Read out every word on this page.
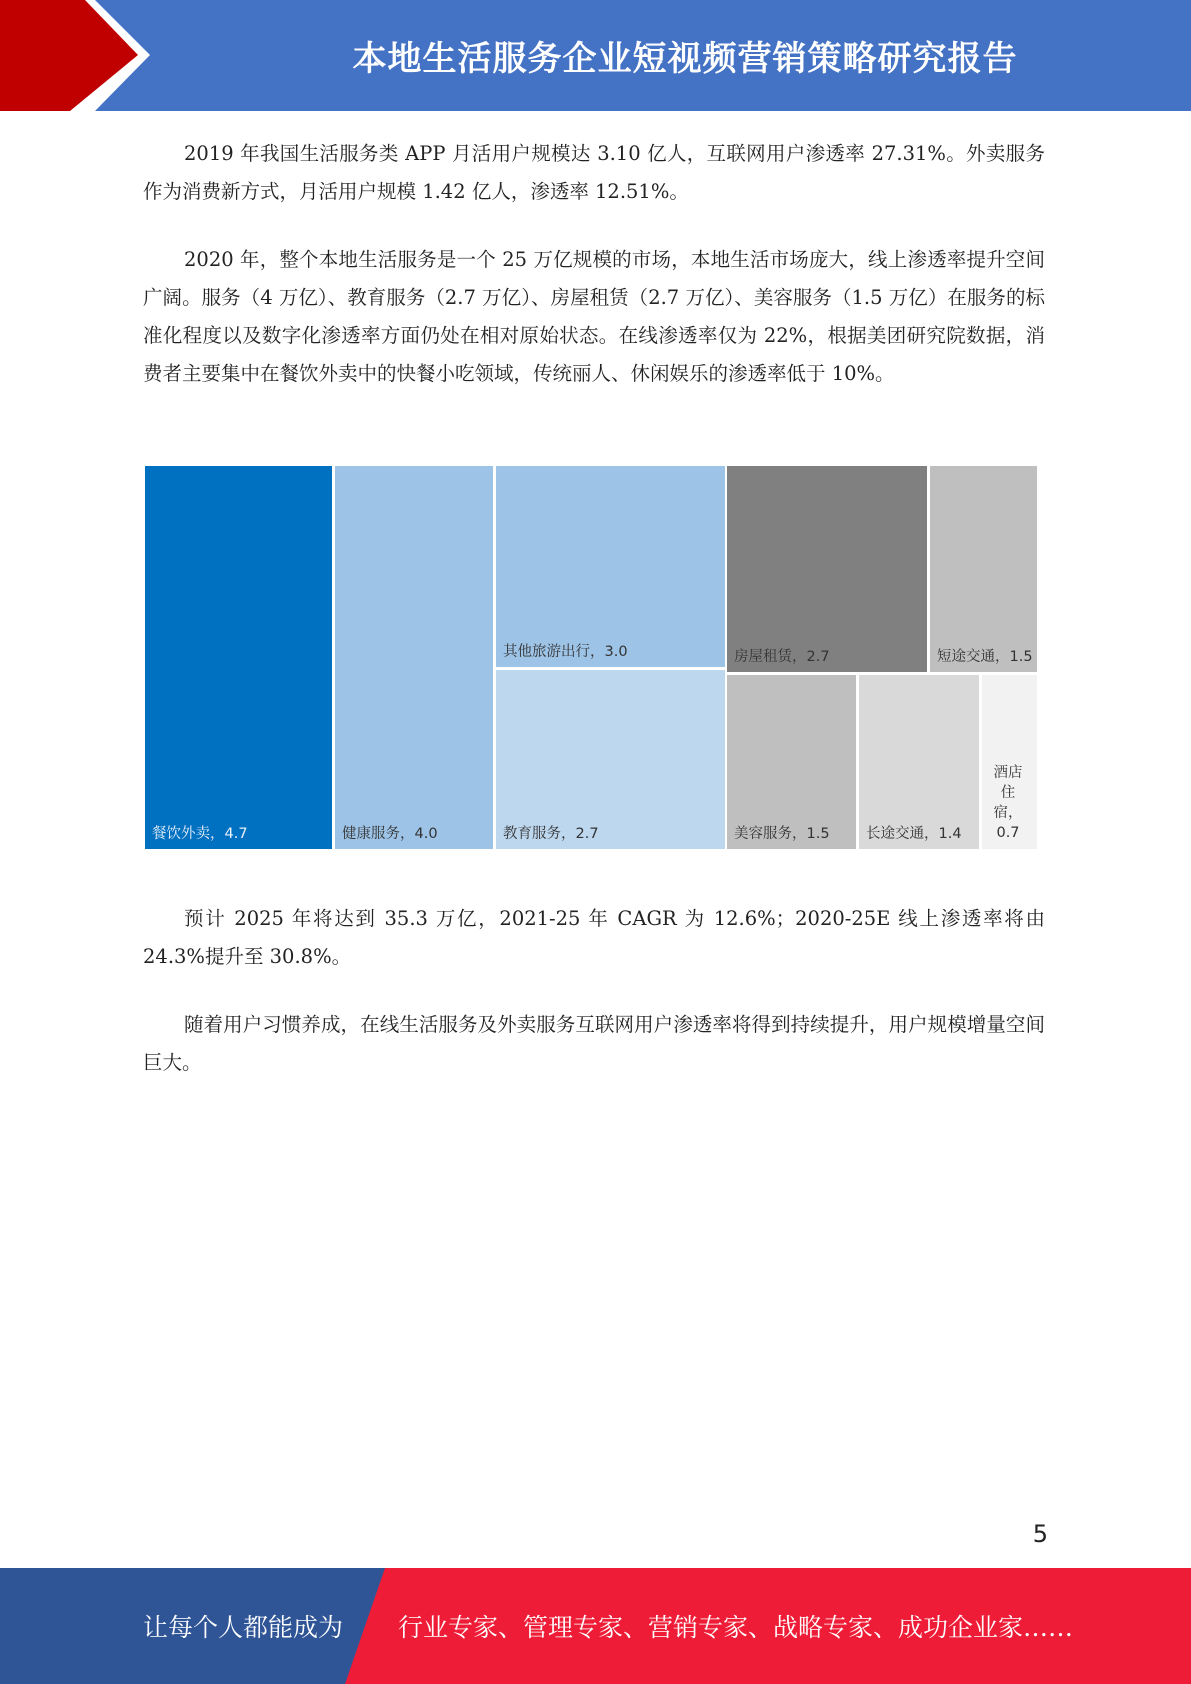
本地生活服务企业短视频营销策略研究报告

2019 年我国生活服务类 APP 月活用户规模达 3.10 亿人，互联网用户渗透率 27.31%。外卖服务作为消费新方式，月活用户规模 1.42 亿人，渗透率 12.51%。

2020 年，整个本地生活服务是一个 25 万亿规模的市场，本地生活市场庞大，线上渗透率提升空间广阔。服务（4 万亿）、教育服务（2.7 万亿）、房屋租赁（2.7 万亿）、美容服务（1.5 万亿）在服务的标准化程度以及数字化渗透率方面仍处在相对原始状态。在线渗透率仅为 22%，根据美团研究院数据，消费者主要集中在餐饮外卖中的快餐小吃领域，传统丽人、休闲娱乐的渗透率低于 10%。

餐饮外卖，4.7	健康服务，4.0
其他旅游出行，3.0
教育服务，2.7
房屋租赁，2.7	短途交通，1.5
美容服务，1.5	长途交通，1.4
酒店住宿，0.7

预计 2025 年将达到 35.3 万亿，2021-25 年 CAGR 为 12.6%；2020-25E 线上渗透率将由 24.3%提升至 30.8%。

随着用户习惯养成，在线生活服务及外卖服务互联网用户渗透率将得到持续提升，用户规模增量空间巨大。

5
让每个人都能成为 行业专家、管理专家、营销专家、战略专家、成功企业家……
